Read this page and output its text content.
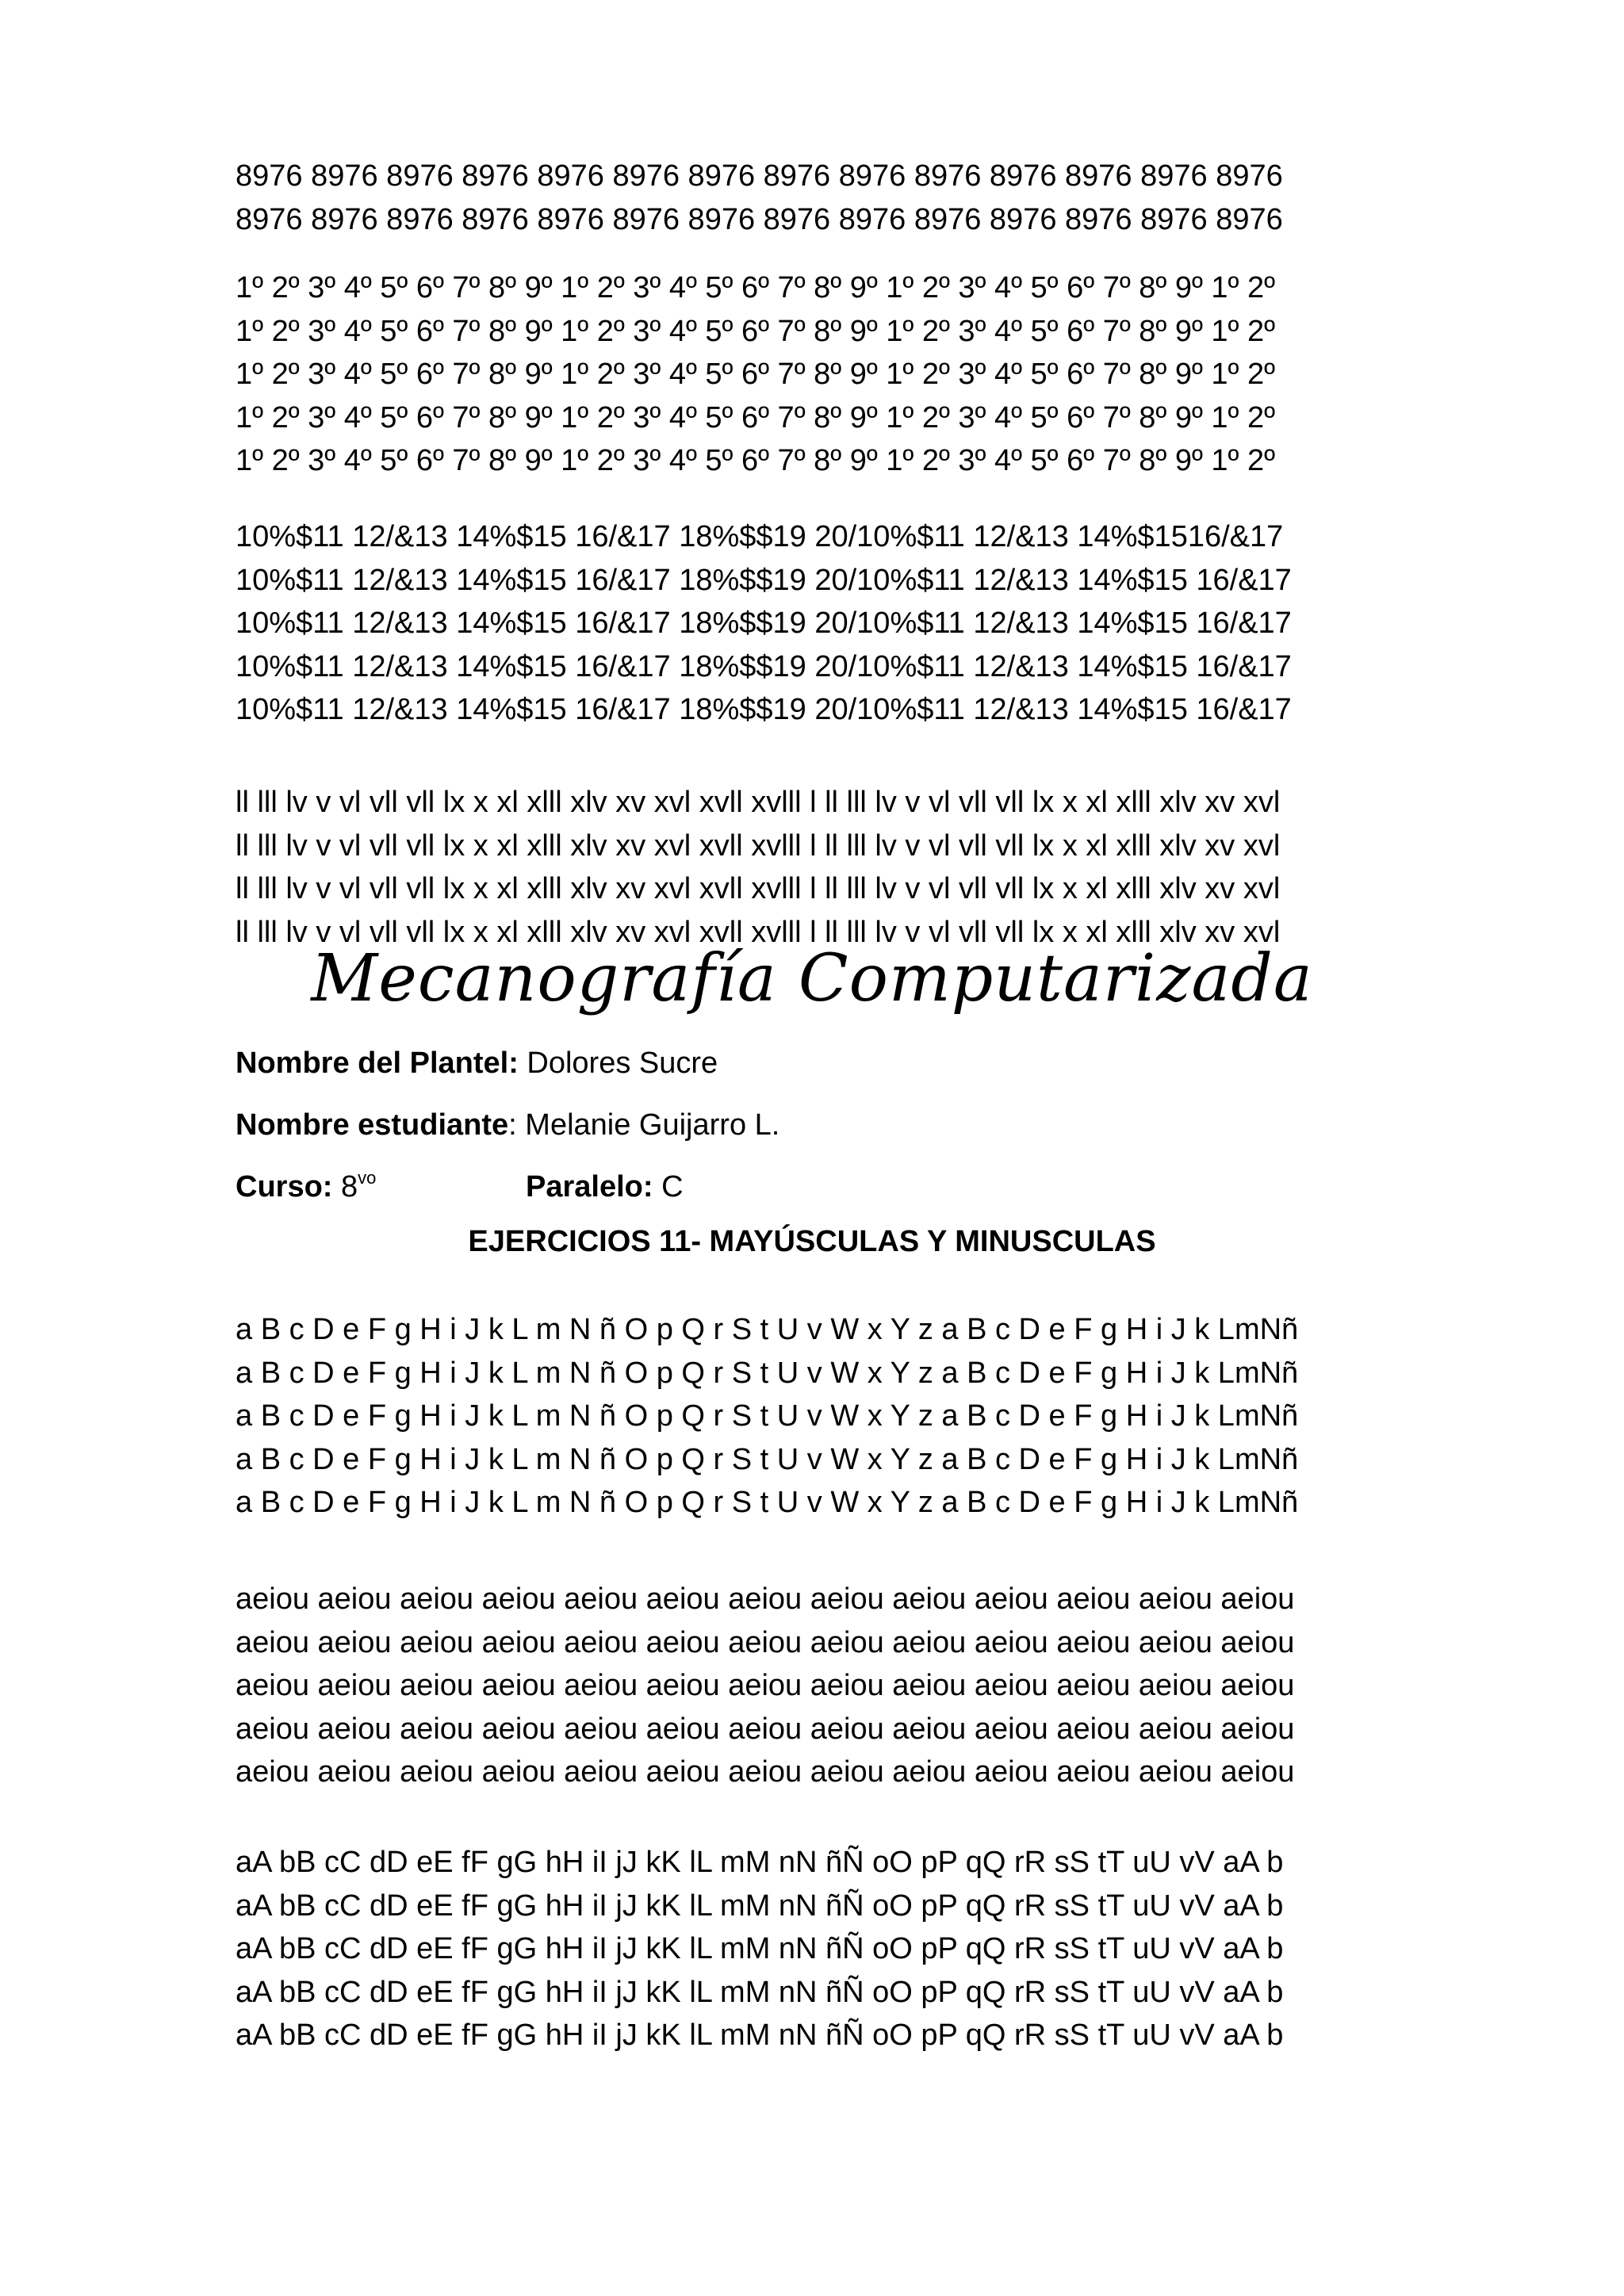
8976 8976 8976 8976 8976 8976 8976 8976 8976 8976 8976 8976 8976 8976
8976 8976 8976 8976 8976 8976 8976 8976 8976 8976 8976 8976 8976 8976
1º 2º 3º 4º 5º 6º 7º 8º 9º 1º 2º 3º 4º 5º 6º 7º 8º 9º 1º 2º 3º 4º 5º 6º 7º 8º 9º 1º 2º
1º 2º 3º 4º 5º 6º 7º 8º 9º 1º 2º 3º 4º 5º 6º 7º 8º 9º 1º 2º 3º 4º 5º 6º 7º 8º 9º 1º 2º
1º 2º 3º 4º 5º 6º 7º 8º 9º 1º 2º 3º 4º 5º 6º 7º 8º 9º 1º 2º 3º 4º 5º 6º 7º 8º 9º 1º 2º
1º 2º 3º 4º 5º 6º 7º 8º 9º 1º 2º 3º 4º 5º 6º 7º 8º 9º 1º 2º 3º 4º 5º 6º 7º 8º 9º 1º 2º
1º 2º 3º 4º 5º 6º 7º 8º 9º 1º 2º 3º 4º 5º 6º 7º 8º 9º 1º 2º 3º 4º 5º 6º 7º 8º 9º 1º 2º
10%$11 12/&13 14%$15 16/&17 18%$$19 20/10%$11 12/&13 14%$1516/&17
10%$11 12/&13 14%$15 16/&17 18%$$19 20/10%$11 12/&13 14%$15 16/&17
10%$11 12/&13 14%$15 16/&17 18%$$19 20/10%$11 12/&13 14%$15 16/&17
10%$11 12/&13 14%$15 16/&17 18%$$19 20/10%$11 12/&13 14%$15 16/&17
10%$11 12/&13 14%$15 16/&17 18%$$19 20/10%$11 12/&13 14%$15 16/&17
ll lll lv v vl vll vll lx x xl xlll xlv xv xvl xvll xvlll l ll lll lv v vl vll vll lx x xl xlll xlv xv xvl
ll lll lv v vl vll vll lx x xl xlll xlv xv xvl xvll xvlll l ll lll lv v vl vll vll lx x xl xlll xlv xv xvl
ll lll lv v vl vll vll lx x xl xlll xlv xv xvl xvll xvlll l ll lll lv v vl vll vll lx x xl xlll xlv xv xvl
ll lll lv v vl vll vll lx x xl xlll xlv xv xvl xvll xvlll l ll lll lv v vl vll vll lx x xl xlll xlv xv xvl
Mecanografía Computarizada
Nombre del Plantel: Dolores Sucre
Nombre estudiante: Melanie Guijarro L.
Curso: $8^{vo}$	Paralelo: C
EJERCICIOS 11- MAYÚSCULAS Y MINUSCULAS
a B c D e F g H i J k L m N ñ O p Q r S t U v W x Y z a B c D e F g H i J k LmNñ
a B c D e F g H i J k L m N ñ O p Q r S t U v W x Y z a B c D e F g H i J k LmNñ
a B c D e F g H i J k L m N ñ O p Q r S t U v W x Y z a B c D e F g H i J k LmNñ
a B c D e F g H i J k L m N ñ O p Q r S t U v W x Y z a B c D e F g H i J k LmNñ
a B c D e F g H i J k L m N ñ O p Q r S t U v W x Y z a B c D e F g H i J k LmNñ
aeiou aeiou aeiou aeiou aeiou aeiou aeiou aeiou aeiou aeiou aeiou aeiou aeiou
aeiou aeiou aeiou aeiou aeiou aeiou aeiou aeiou aeiou aeiou aeiou aeiou aeiou
aeiou aeiou aeiou aeiou aeiou aeiou aeiou aeiou aeiou aeiou aeiou aeiou aeiou
aeiou aeiou aeiou aeiou aeiou aeiou aeiou aeiou aeiou aeiou aeiou aeiou aeiou
aeiou aeiou aeiou aeiou aeiou aeiou aeiou aeiou aeiou aeiou aeiou aeiou aeiou
aA bB cC dD eE fF gG hH iI jJ kK lL mM nN ñÑ oO pP qQ rR sS tT uU vV aA b
aA bB cC dD eE fF gG hH iI jJ kK lL mM nN ñÑ oO pP qQ rR sS tT uU vV aA b
aA bB cC dD eE fF gG hH iI jJ kK lL mM nN ñÑ oO pP qQ rR sS tT uU vV aA b
aA bB cC dD eE fF gG hH iI jJ kK lL mM nN ñÑ oO pP qQ rR sS tT uU vV aA b
aA bB cC dD eE fF gG hH iI jJ kK lL mM nN ñÑ oO pP qQ rR sS tT uU vV aA b
